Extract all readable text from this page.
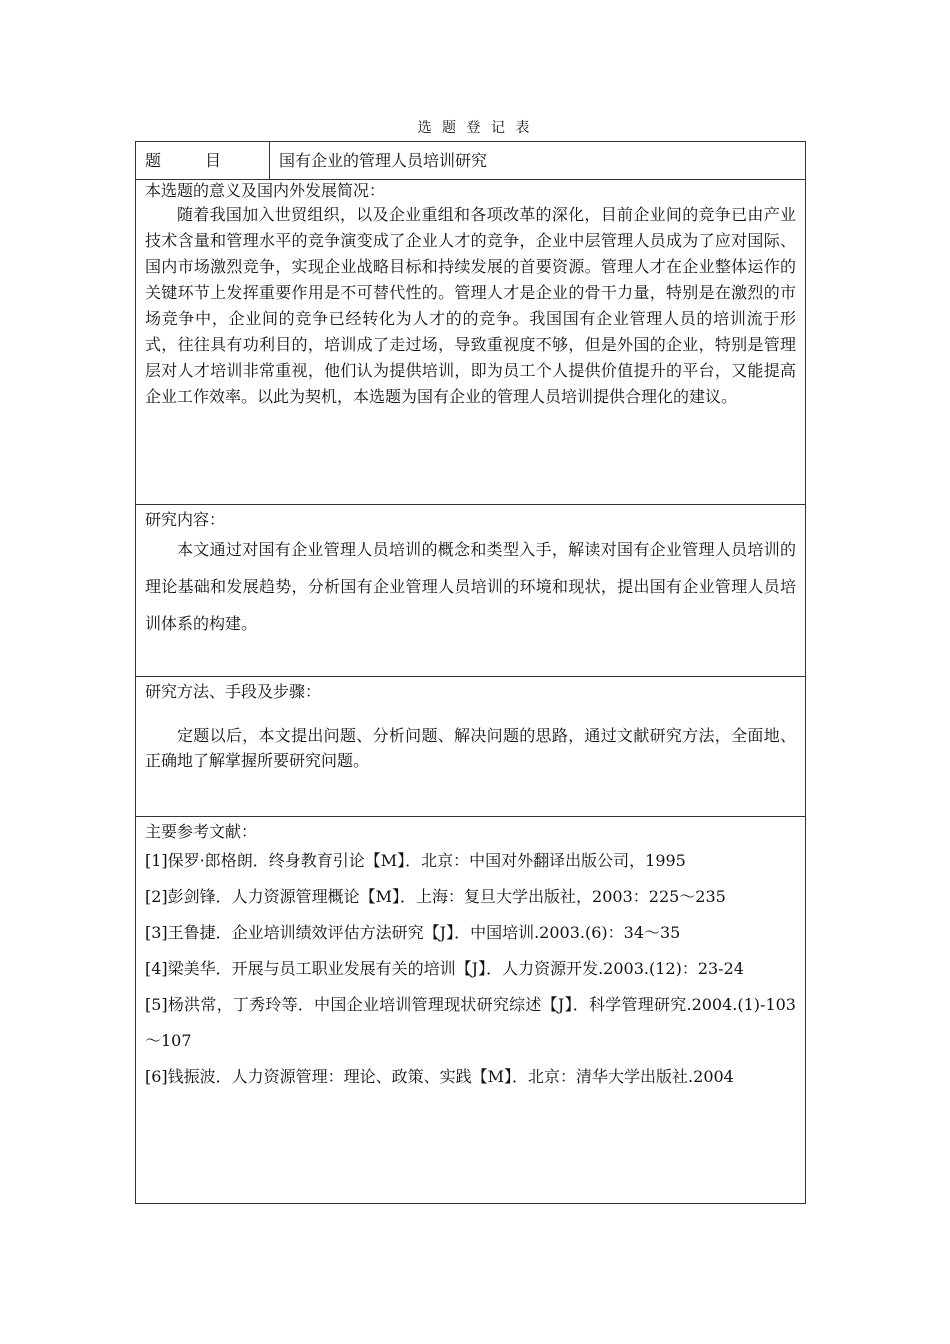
选 题 登 记 表
题	目	国有企业的管理人员培训研究

本选题的意义及国内外发展简况：

随着我国加入世贸组织，以及企业重组和各项改革的深化，目前企业间的竞争已由产业技术含量和管理水平的竞争演变成了企业人才的竞争，企业中层管理人员成为了应对国际、国内市场激烈竞争，实现企业战略目标和持续发展的首要资源。管理人才在企业整体运作的关键环节上发挥重要作用是不可替代性的。管理人才是企业的骨干力量，特别是在激烈的市场竞争中，企业间的竞争已经转化为人才的的竞争。我国国有企业管理人员的培训流于形式，往往具有功利目的，培训成了走过场，导致重视度不够，但是外国的企业，特别是管理层对人才培训非常重视，他们认为提供培训，即为员工个人提供价值提升的平台，又能提高企业工作效率。以此为契机，本选题为国有企业的管理人员培训提供合理化的建议。

研究内容：

本文通过对国有企业管理人员培训的概念和类型入手，解读对国有企业管理人员培训的理论基础和发展趋势，分析国有企业管理人员培训的环境和现状，提出国有企业管理人员培训体系的构建。

研究方法、手段及步骤：

定题以后，本文提出问题、分析问题、解决问题的思路，通过文献研究方法，全面地、正确地了解掌握所要研究问题。

主要参考文献：

[1]保罗·郎格朗．终身教育引论【M】．北京：中国对外翻译出版公司，1995

[2]彭剑锋．人力资源管理概论【M】．上海：复旦大学出版社，2003：225～235

[3]王鲁捷．企业培训绩效评估方法研究【J】．中国培训.2003.(6)：34～35

[4]梁美华．开展与员工职业发展有关的培训【J】．人力资源开发.2003.(12)：23-24

[5]杨洪常，丁秀玲等．中国企业培训管理现状研究综述【J】．科学管理研究.2004.(1)-103～107

[6]钱振波．人力资源管理：理论、政策、实践【M】．北京：清华大学出版社.2004
